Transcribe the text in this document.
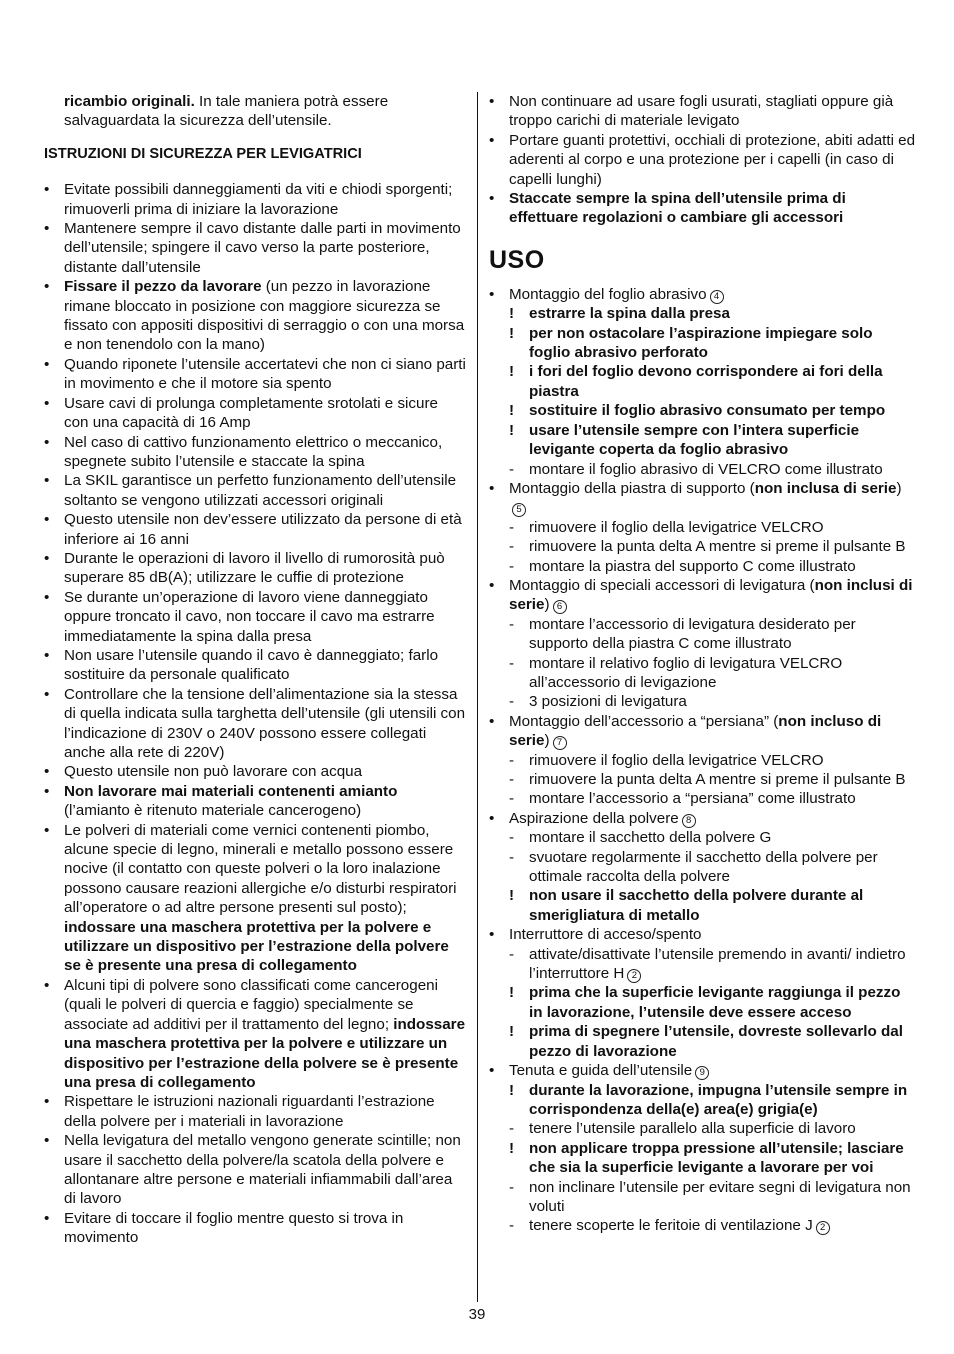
ricambio originali. In tale maniera potrà essere salvaguardata la sicurezza dell’utensile.

ISTRUZIONI DI SICUREZZA PER LEVIGATRICI

• Evitate possibili danneggiamenti da viti e chiodi sporgenti; rimuoverli prima di iniziare la lavorazione
• Mantenere sempre il cavo distante dalle parti in movimento dell’utensile; spingere il cavo verso la parte posteriore, distante dall’utensile
• Fissare il pezzo da lavorare (un pezzo in lavorazione rimane bloccato in posizione con maggiore sicurezza se fissato con appositi dispositivi di serraggio o con una morsa e non tenendolo con la mano)
• Quando riponete l’utensile accertatevi che non ci siano parti in movimento e che il motore sia spento
• Usare cavi di prolunga completamente srotolati e sicure con una capacità di 16 Amp
• Nel caso di cattivo funzionamento elettrico o meccanico, spegnete subito l’utensile e staccate la spina
• La SKIL garantisce un perfetto funzionamento dell’utensile soltanto se vengono utilizzati accessori originali
• Questo utensile non dev’essere utilizzato da persone di età inferiore ai 16 anni
• Durante le operazioni di lavoro il livello di rumorosità può superare 85 dB(A); utilizzare le cuffie di protezione
• Se durante un’operazione di lavoro viene danneggiato oppure troncato il cavo, non toccare il cavo ma estrarre immediatamente la spina dalla presa
• Non usare l’utensile quando il cavo è danneggiato; farlo sostituire da personale qualificato
• Controllare che la tensione dell’alimentazione sia la stessa di quella indicata sulla targhetta dell’utensile (gli utensili con l’indicazione di 230V o 240V possono essere collegati anche alla rete di 220V)
• Questo utensile non può lavorare con acqua
• Non lavorare mai materiali contenenti amianto (l’amianto è ritenuto materiale cancerogeno)
• Le polveri di materiali come vernici contenenti piombo, alcune specie di legno, minerali e metallo possono essere nocive (il contatto con queste polveri o la loro inalazione possono causare reazioni allergiche e/o disturbi respiratori all’operatore o ad altre persone presenti sul posto); indossare una maschera protettiva per la polvere e utilizzare un dispositivo per l’estrazione della polvere se è presente una presa di collegamento
• Alcuni tipi di polvere sono classificati come cancerogeni (quali le polveri di quercia e faggio) specialmente se associate ad additivi per il trattamento del legno; indossare una maschera protettiva per la polvere e utilizzare un dispositivo per l’estrazione della polvere se è presente una presa di collegamento
• Rispettare le istruzioni nazionali riguardanti l’estrazione della polvere per i materiali in lavorazione
• Nella levigatura del metallo vengono generate scintille; non usare il sacchetto della polvere/la scatola della polvere e allontanare altre persone e materiali infiammabili dall’area di lavoro
• Evitare di toccare il foglio mentre questo si trova in movimento
• Non continuare ad usare fogli usurati, stagliati oppure già troppo carichi di materiale levigato
• Portare guanti protettivi, occhiali di protezione, abiti adatti ed aderenti al corpo e una protezione per i capelli (in caso di capelli lunghi)
• Staccate sempre la spina dell’utensile prima di effettuare regolazioni o cambiare gli accessori
USO
• Montaggio del foglio abrasivo 4
! estrarre la spina dalla presa
! per non ostacolare l’aspirazione impiegare solo foglio abrasivo perforato
! i fori del foglio devono corrispondere ai fori della piastra
! sostituire il foglio abrasivo consumato per tempo
! usare l’utensile sempre con l’intera superficie levigante coperta da foglio abrasivo
- montare il foglio abrasivo di VELCRO come illustrato
• Montaggio della piastra di supporto (non inclusa di serie)5
- rimuovere il foglio della levigatrice VELCRO
- rimuovere la punta delta A mentre si preme il pulsante B
- montare la piastra del supporto C come illustrato
• Montaggio di speciali accessori di levigatura (non inclusi di serie) 6
- montare l’accessorio di levigatura desiderato per supporto della piastra C come illustrato
- montare il relativo foglio di levigatura VELCRO all’accessorio di levigazione
- 3 posizioni di levigatura
• Montaggio dell’accessorio a “persiana” (non incluso di serie) 7
- rimuovere il foglio della levigatrice VELCRO
- rimuovere la punta delta A mentre si preme il pulsante B
- montare l’accessorio a “persiana” come illustrato
• Aspirazione della polvere 8
- montare il sacchetto della polvere G
- svuotare regolarmente il sacchetto della polvere per ottimale raccolta della polvere
! non usare il sacchetto della polvere durante al smerigliatura di metallo
• Interruttore di acceso/spento
- attivate/disattivate l’utensile premendo in avanti/ indietro l’interruttore H 2
! prima che la superficie levigante raggiunga il pezzo in lavorazione, l’utensile deve essere acceso
! prima di spegnere l’utensile, dovreste sollevarlo dal pezzo di lavorazione
• Tenuta e guida dell’utensile 9
! durante la lavorazione, impugna l’utensile sempre in corrispondenza della(e) area(e) grigia(e)
- tenere l’utensile parallelo alla superficie di lavoro
! non applicare troppa pressione all’utensile; lasciare che sia la superficie levigante a lavorare per voi
- non inclinare l’utensile per evitare segni di levigatura non voluti
- tenere scoperte le feritoie di ventilazione J 2
39
